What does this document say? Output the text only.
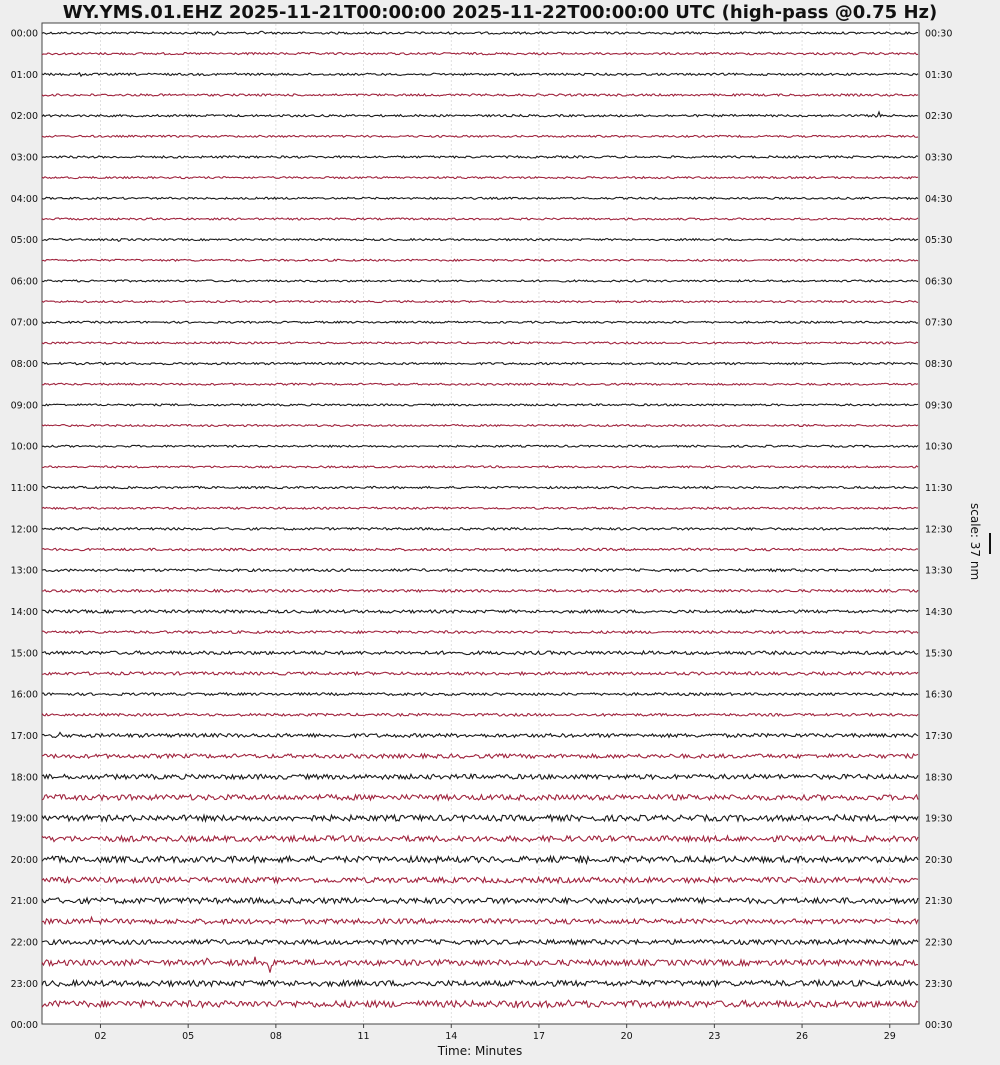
02	05	08	11	14	17	20	23	26	29
00:00
01:00
02:00
03:00
04:00
05:00
06:00
07:00
08:00
09:00
10:00
11:00
12:00
13:00
14:00
15:00
16:00
17:00
18:00
19:00
20:00
21:00
22:00
23:00
00:00
00:30
01:30
02:30
03:30
04:30
05:30
06:30
07:30
08:30
09:30
10:30
11:30
12:30
13:30
14:30
15:30
16:30
17:30
18:30
19:30
20:30
21:30
22:30
23:30
00:30
WY.YMS.01.EHZ 2025-11-21T00:00:00 2025-11-22T00:00:00 UTC (high-pass @0.75 Hz)
Time: Minutes
scale: 37 nm
